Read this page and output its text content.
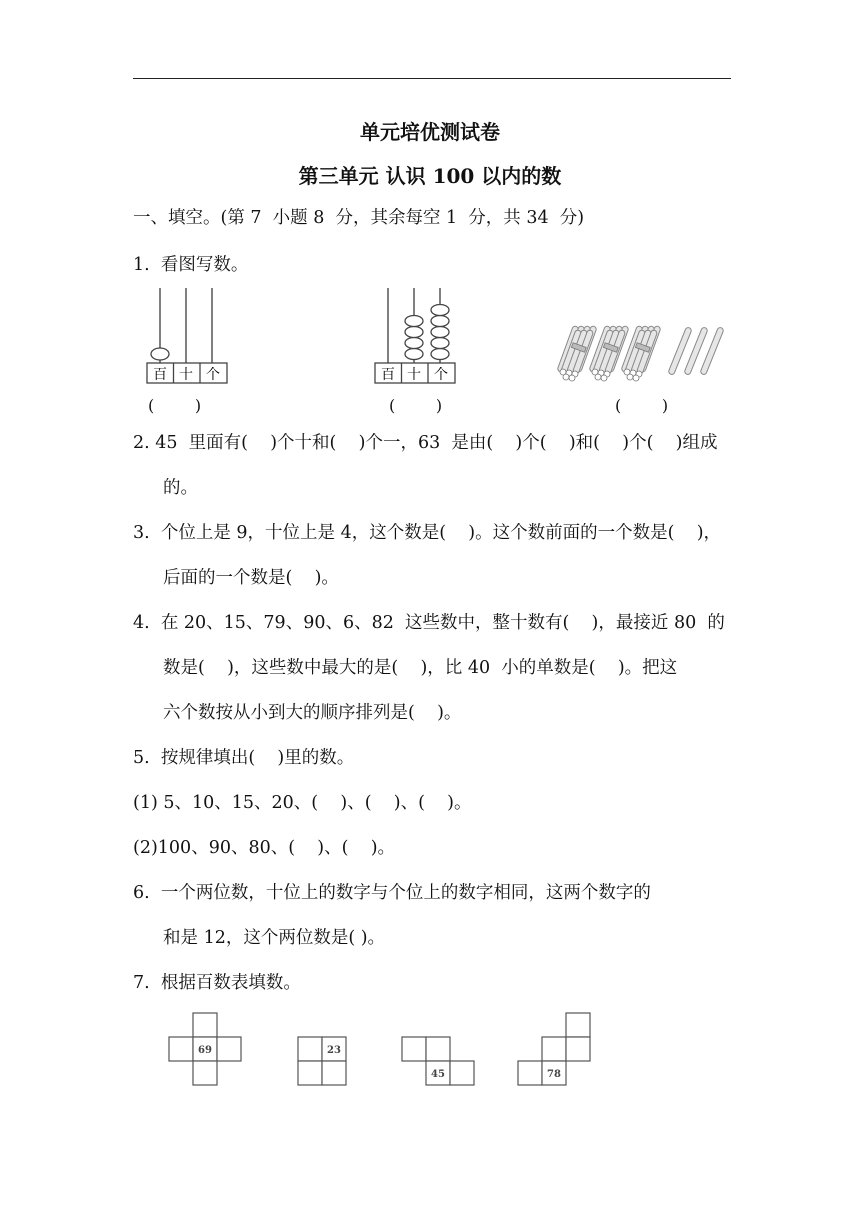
单元培优测试卷
第三单元 认识 100 以内的数
一、填空。(第 7  小题 8  分，其余每空 1  分，共 34  分)
1.  看图写数。
百 十 个	百 十 个
(        )	(        )	(        )
2. 45  里面有(    )个十和(    )个一，63  是由(    )个(    )和(    )个(    )组成
的。
3.  个位上是 9，十位上是 4，这个数是(    )。这个数前面的一个数是(    )，
后面的一个数是(    )。
4.  在 20、15、79、90、6、82  这些数中，整十数有(    )，最接近 80  的
数是(    )，这些数中最大的是(    )，比 40  小的单数是(    )。把这
六个数按从小到大的顺序排列是(    )。
5.  按规律填出(    )里的数。
(1) 5、10、15、20、(    )、(    )、(    )。
(2)100、90、80、(    )、(    )。
6.  一个两位数，十位上的数字与个位上的数字相同，这两个数字的
和是 12，这个两位数是( )。
7.  根据百数表填数。
69	23
45	78
